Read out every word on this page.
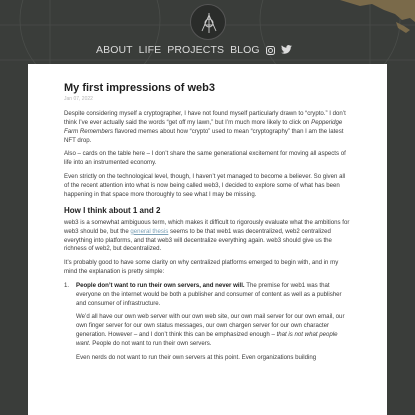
ABOUT LIFE PROJECTS BLOG
My first impressions of web3
Jan 07, 2022
Despite considering myself a cryptographer, I have not found myself particularly drawn to “crypto.” I don’t think I’ve ever actually said the words “get off my lawn,” but I’m much more likely to click on Pepperidge Farm Remembers flavored memes about how “crypto” used to mean “cryptography” than I am the latest NFT drop.
Also – cards on the table here – I don’t share the same generational excitement for moving all aspects of life into an instrumented economy.
Even strictly on the technological level, though, I haven’t yet managed to become a believer. So given all of the recent attention into what is now being called web3, I decided to explore some of what has been happening in that space more thoroughly to see what I may be missing.
How I think about 1 and 2
web3 is a somewhat ambiguous term, which makes it difficult to rigorously evaluate what the ambitions for web3 should be, but the general thesis seems to be that web1 was decentralized, web2 centralized everything into platforms, and that web3 will decentralize everything again. web3 should give us the richness of web2, but decentralized.
It’s probably good to have some clarity on why centralized platforms emerged to begin with, and in my mind the explanation is pretty simple:
1.	People don’t want to run their own servers, and never will. The premise for web1 was that everyone on the internet would be both a publisher and consumer of content as well as a publisher and consumer of infrastructure.
We’d all have our own web server with our own web site, our own mail server for our own email, our own finger server for our own status messages, our own chargen server for our own character generation. However – and I don’t think this can be emphasized enough – that is not what people want. People do not want to run their own servers.
Even nerds do not want to run their own servers at this point. Even organizations building
